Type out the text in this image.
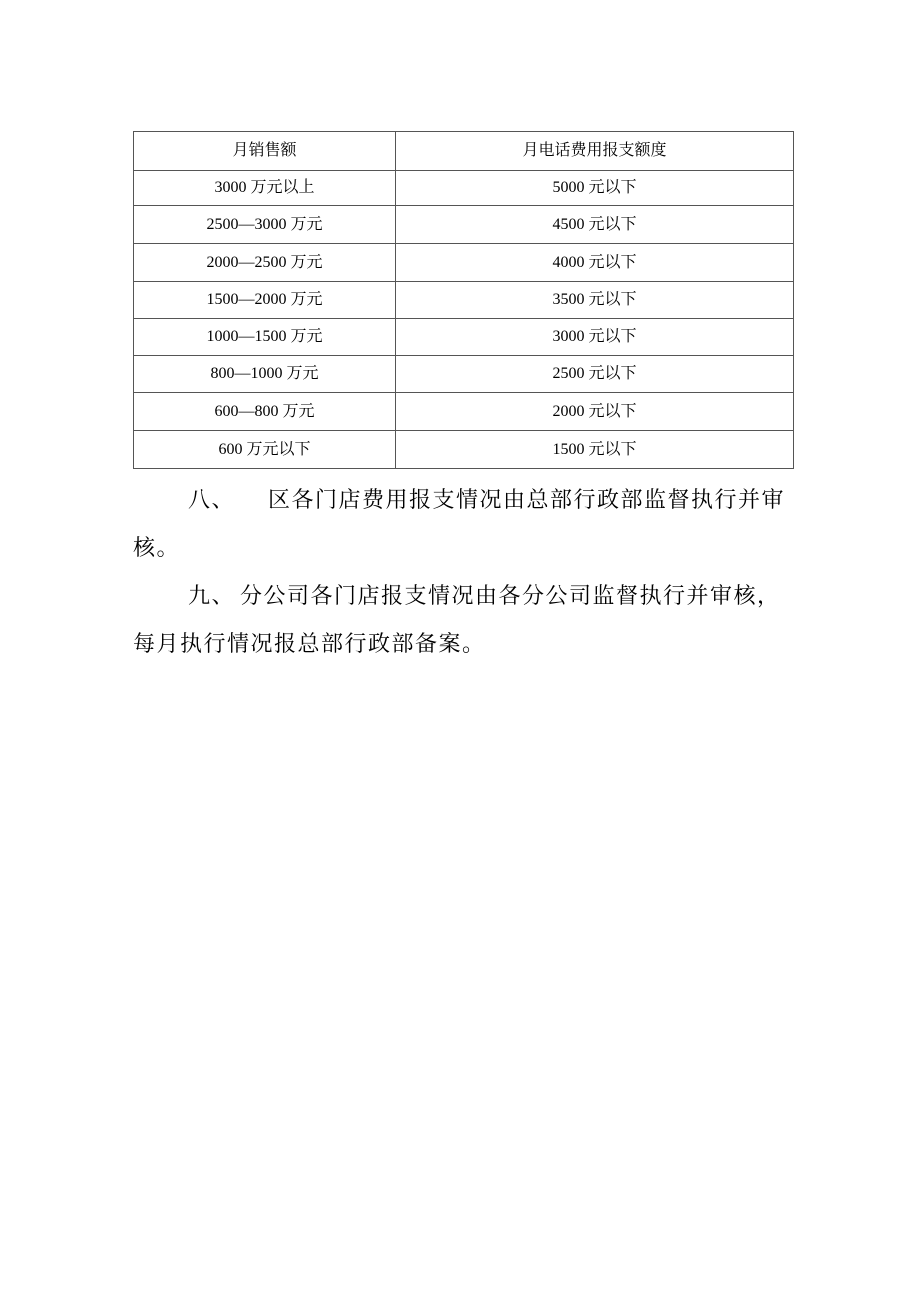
月销售额	月电话费用报支额度
3000 万元以上	5000 元以下
2500—3000 万元	4500 元以下
2000—2500 万元	4000 元以下
1500—2000 万元	3500 元以下
1000—1500 万元	3000 元以下
800—1000 万元	2500 元以下
600—800 万元	2000 元以下
600 万元以下	1500 元以下
八、 区各门店费用报支情况由总部行政部监督执行并审核。
九、 分公司各门店报支情况由各分公司监督执行并审核，每月执行情况报总部行政部备案。
